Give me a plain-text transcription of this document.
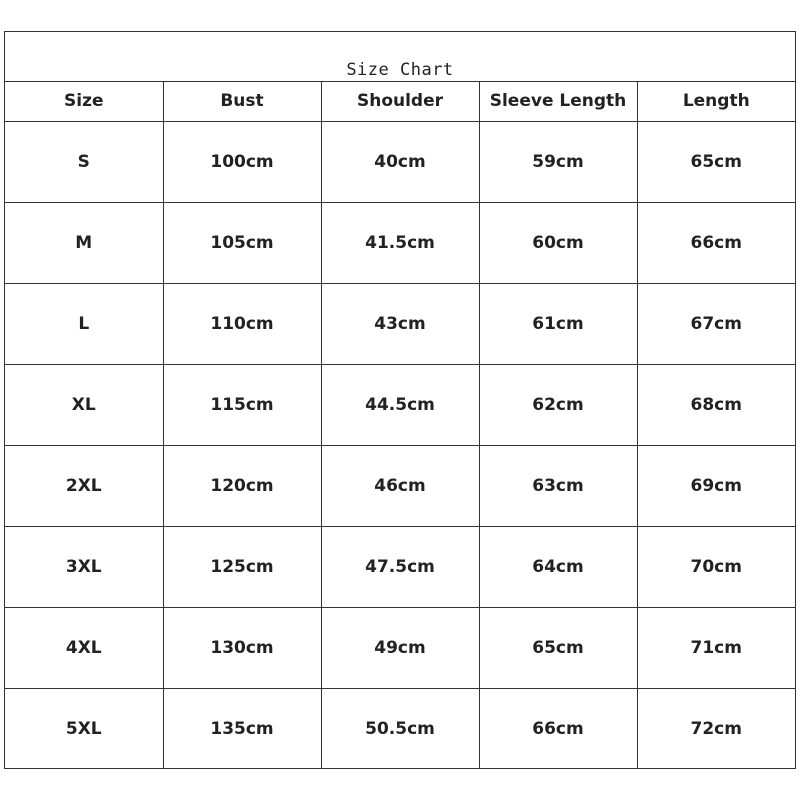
Size Chart
Size	Bust	Shoulder	Sleeve Length	Length
S	100cm	40cm	59cm	65cm
M	105cm	41.5cm	60cm	66cm
L	110cm	43cm	61cm	67cm
XL	115cm	44.5cm	62cm	68cm
2XL	120cm	46cm	63cm	69cm
3XL	125cm	47.5cm	64cm	70cm
4XL	130cm	49cm	65cm	71cm
5XL	135cm	50.5cm	66cm	72cm
